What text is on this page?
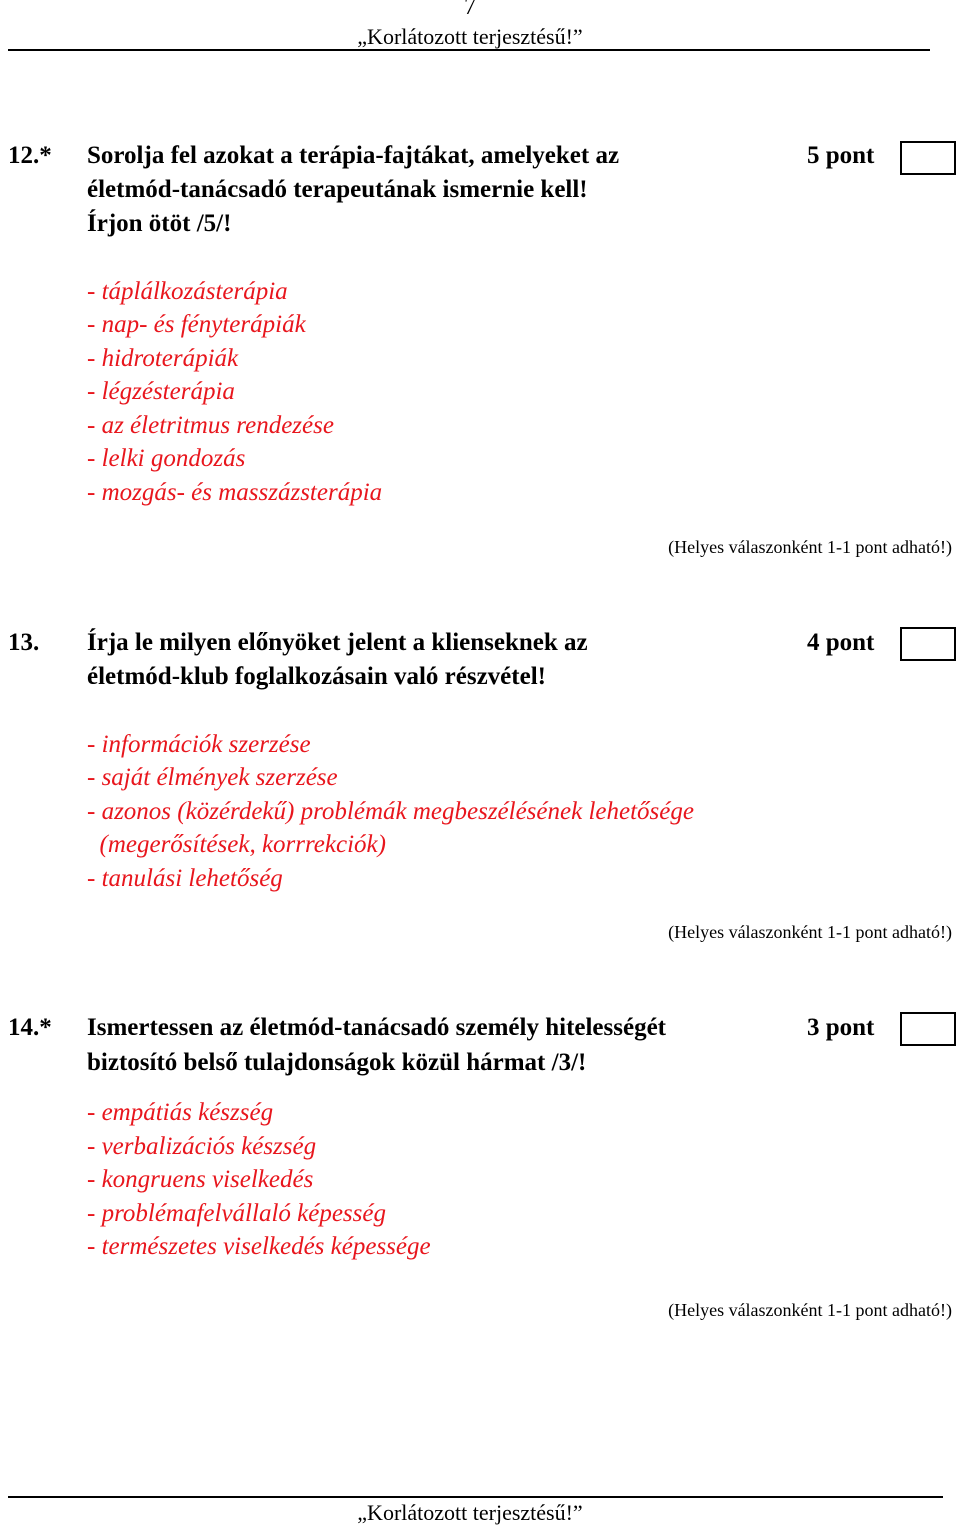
7
„Korlátozott terjesztésű!”
12.* Sorolja fel azokat a terápia-fajtákat, amelyeket az
életmód-tanácsadó terapeutának ismernie kell!
Írjon ötöt /5/!
5 pont
- táplálkozásterápia
- nap- és fényterápiák
- hidroterápiák
- légzésterápia
- az életritmus rendezése
- lelki gondozás
- mozgás- és masszázsterápia
(Helyes válaszonként 1-1 pont adható!)
13. Írja le milyen előnyöket jelent a klienseknek az
életmód-klub foglalkozásain való részvétel!
4 pont
- információk szerzése
- saját élmények szerzése
- azonos (közérdekű) problémák megbeszélésének lehetősége
(megerősítések, korrrekciók)
- tanulási lehetőség
(Helyes válaszonként 1-1 pont adható!)
14.* Ismertessen az életmód-tanácsadó személy hitelességét
biztosító belső tulajdonságok közül hármat /3/!
3 pont
- empátiás készség
- verbalizációs készség
- kongruens viselkedés
- problémafelvállaló képesség
- természetes viselkedés képessége
(Helyes válaszonként 1-1 pont adható!)
„Korlátozott terjesztésű!”
